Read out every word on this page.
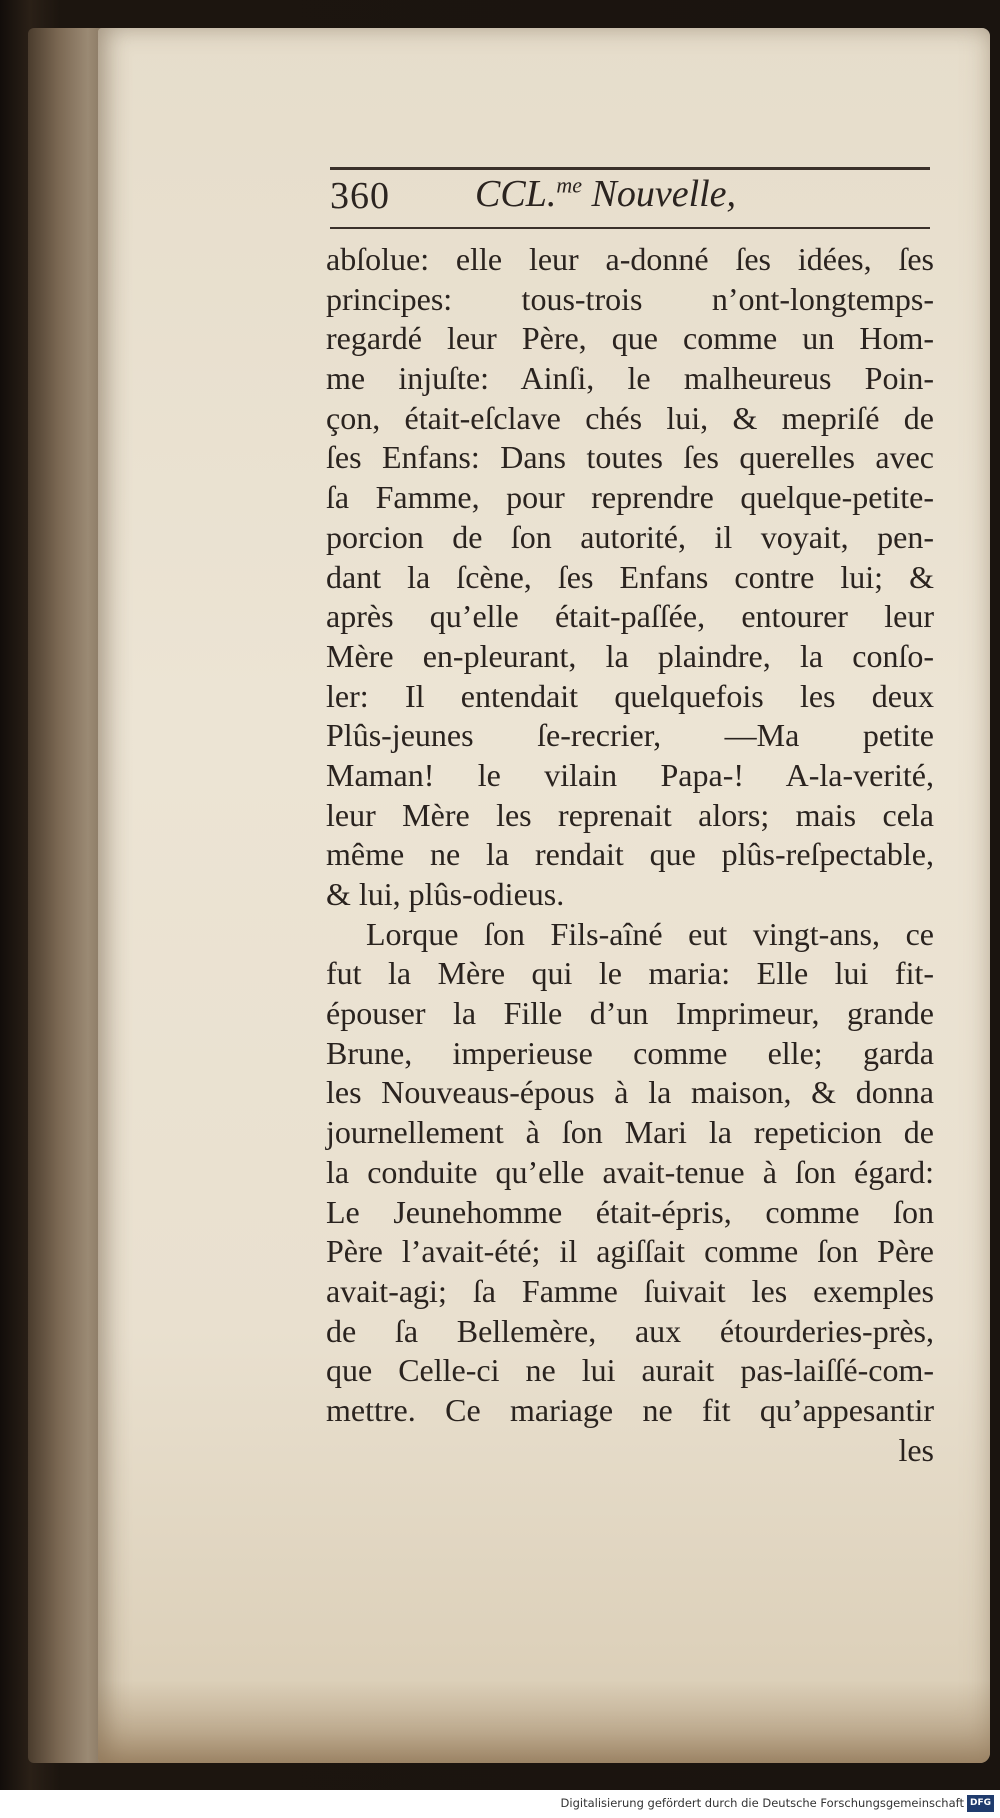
360 CCL.$^{me}$ Nouvelle,
abſolue: elle leur a-donné ſes idées, ſes
principes: tous-trois n’ont-longtemps-
regardé leur Père, que comme un Hom-
me injuſte: Ainſi, le malheureus Poin-
çon, était-eſclave chés lui, & mepriſé de
ſes Enfans: Dans toutes ſes querelles avec
ſa Famme, pour reprendre quelque-petite-
porcion de ſon autorité, il voyait, pen-
dant la ſcène, ſes Enfans contre lui; &
après qu’elle était-paſſée, entourer leur
Mère en-pleurant, la plaindre, la conſo-
ler: Il entendait quelquefois les deux
Plûs-jeunes ſe-recrier, —Ma petite
Maman! le vilain Papa-! A-la-verité,
leur Mère les reprenait alors; mais cela
même ne la rendait que plûs-reſpectable,
& lui, plûs-odieus.
Lorque ſon Fils-aîné eut vingt-ans, ce
fut la Mère qui le maria: Elle lui fit-
épouser la Fille d’un Imprimeur, grande
Brune, imperieuse comme elle; garda
les Nouveaus-épous à la maison, & donna
journellement à ſon Mari la repeticion de
la conduite qu’elle avait-tenue à ſon égard:
Le Jeunehomme était-épris, comme ſon
Père l’avait-été; il agiſſait comme ſon Père
avait-agi; ſa Famme ſuivait les exemples
de ſa Bellemère, aux étourderies-près,
que Celle-ci ne lui aurait pas-laiſſé-com-
mettre. Ce mariage ne fit qu’appesantir
les
Digitalisierung gefördert durch die Deutsche Forschungsgemeinschaft DFG
